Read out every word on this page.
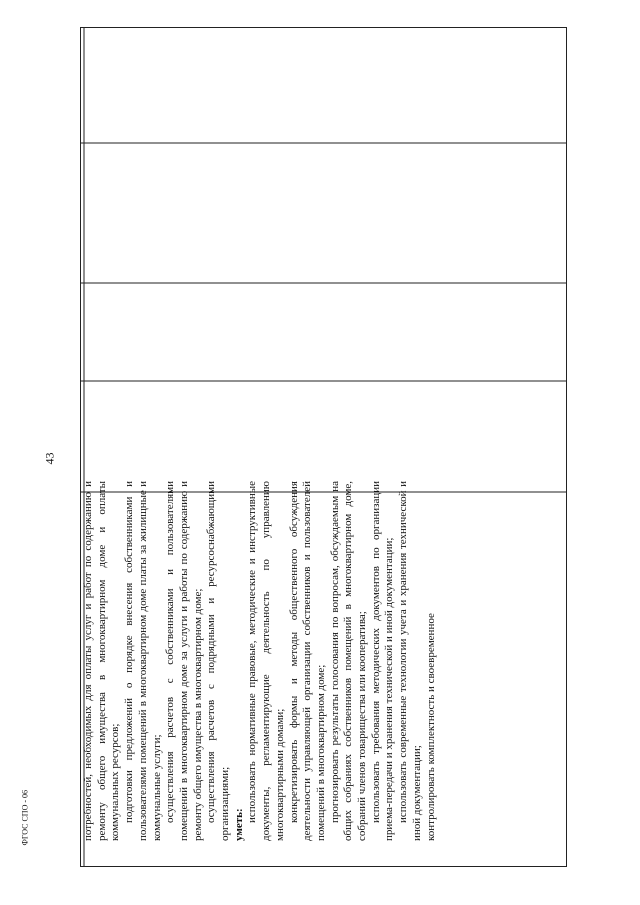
43
ФГОС СПО - 06	потребностей, необходимых для оплаты услуг и работ по содержанию и ремонту общего имущества в многоквартирном доме и оплаты коммунальных ресурсов; подготовки предложений о порядке внесения собственниками и пользователями помещений в многоквартирном доме платы за жилищные и коммунальные услуги; осуществления расчетов с собственниками и пользователями помещений в многоквартирном доме за услуги и работы по содержанию и ремонту общего имущества в многоквартирном доме; осуществления расчетов с подрядными и ресурсоснабжающими организациями; уметь:

использовать нормативные правовые, методические и инструктивные документы, регламентирующие деятельность по управлению многоквартирными домами; конкретизировать формы и методы общественного обсуждения деятельности управляющей организации собственников и пользователей помещений в многоквартирном доме; прогнозировать результаты голосования по вопросам, обсуждаемым на общих собраниях собственников помещений в многоквартирном доме, собраний членов товарищества или кооператива; использовать требования методических документов по организации приема-передачи и хранения технической и иной документации; использовать современные технологии учета и хранения технической и иной документации; контролировать комплектность и своевременное
